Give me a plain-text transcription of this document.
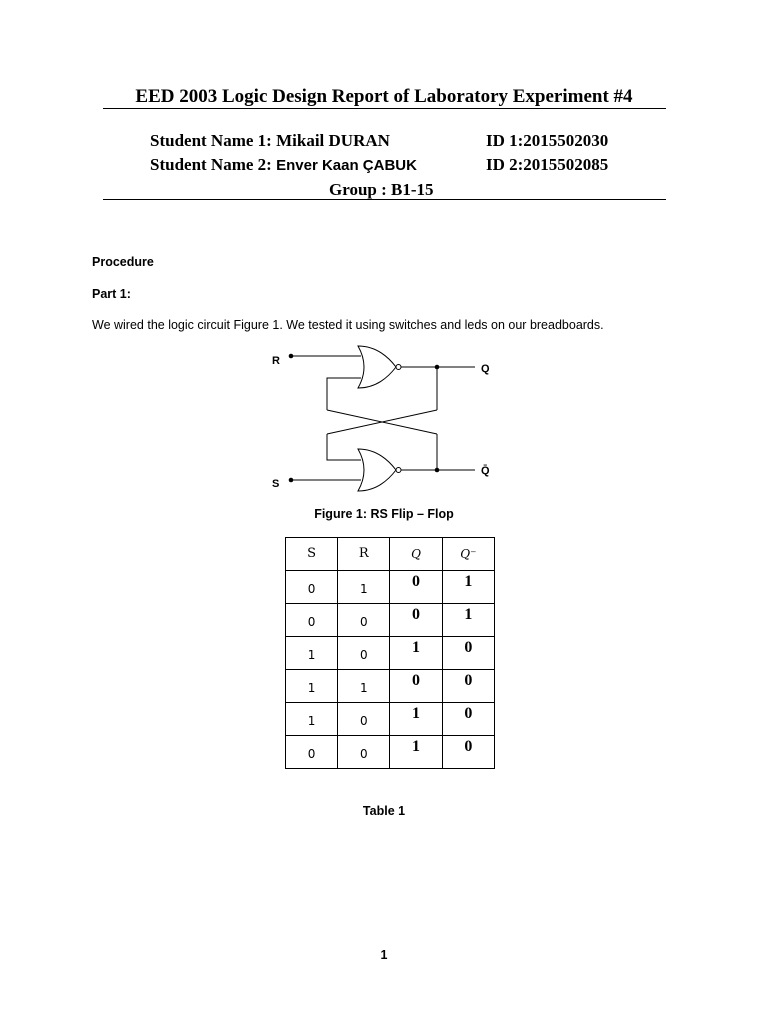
EED 2003 Logic Design Report of Laboratory Experiment #4
Student Name 1: Mikail DURAN	ID 1:2015502030
Student Name 2: Enver Kaan ÇABUK	ID 2:2015502085
Group : B1-15
Procedure
Part 1:
We wired the logic circuit Figure 1. We tested it using switches and leds on our breadboards.
R
S
Q
Q̄
Figure 1: RS Flip – Flop
S	R	Q	Q⁻

0	1	0	1

0	0	0	1

1	0	1	0

1	1	0	0

1	0	1	0

0	0	1	0
Table 1
1
